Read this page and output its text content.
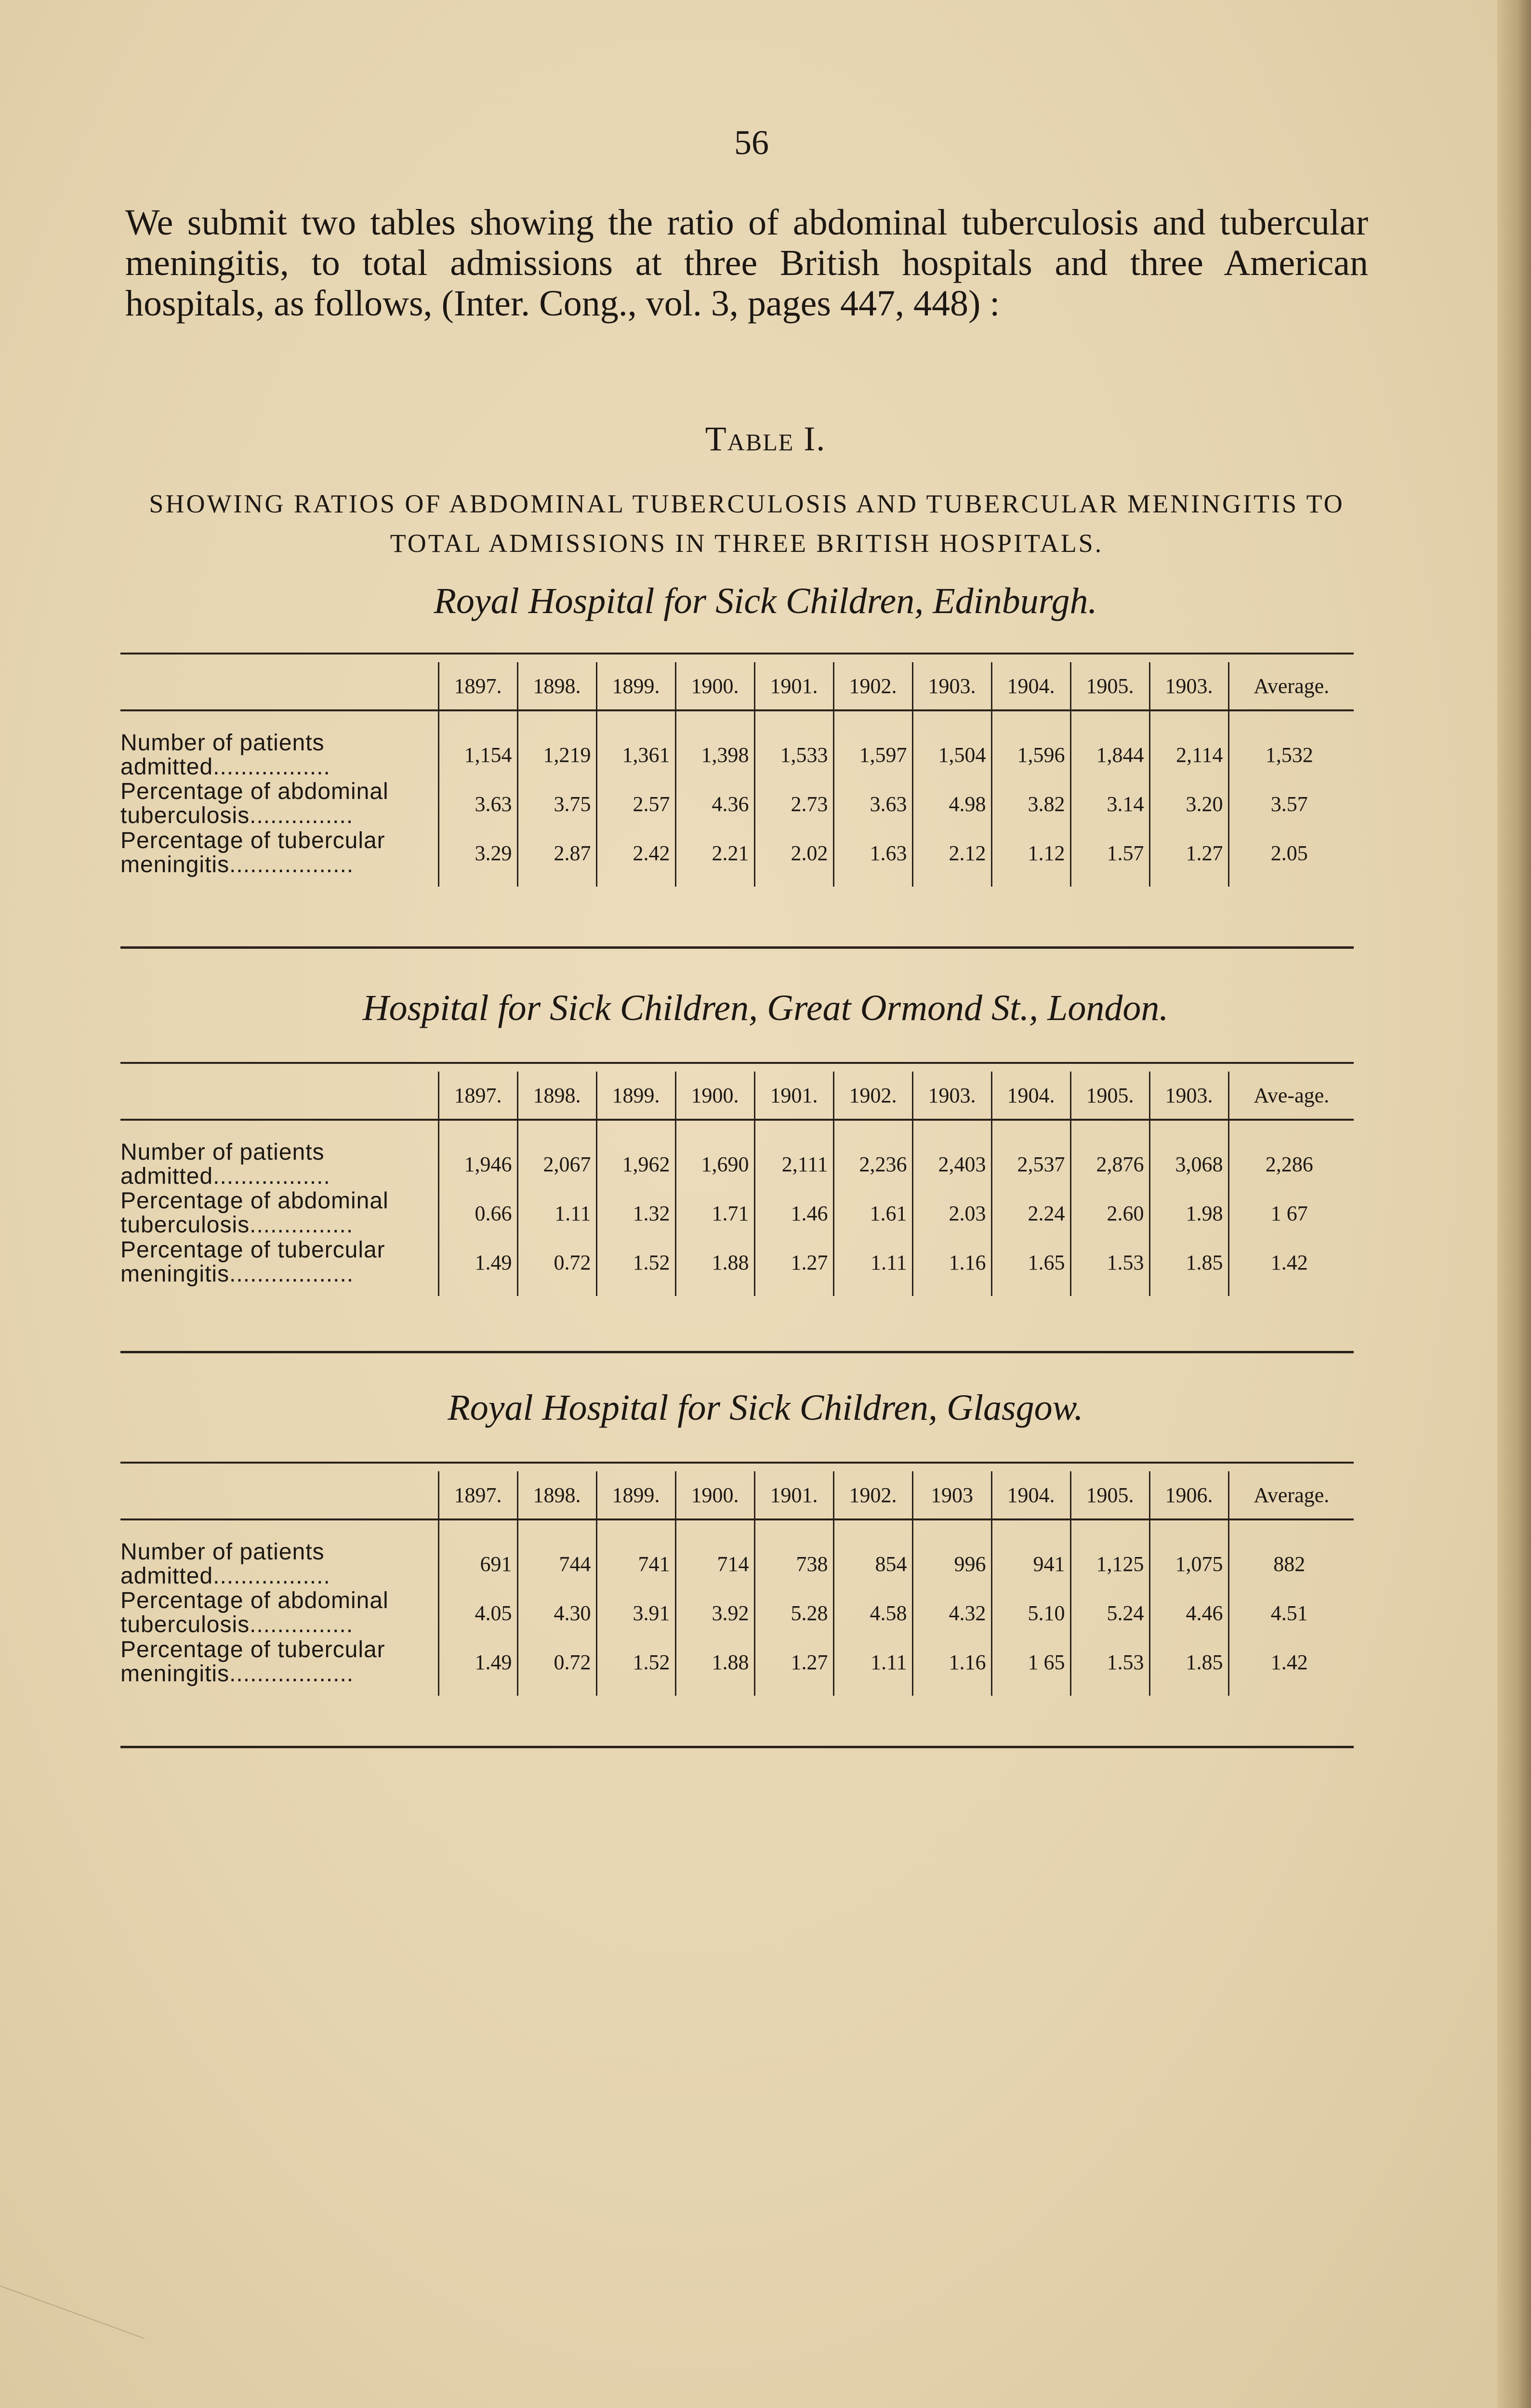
56
We submit two tables showing the ratio of abdominal tuberculosis and tubercular meningitis, to total admissions at three British hospitals and three American hospitals, as follows, (Inter. Cong., vol. 3, pages 447, 448) :
Table I.
SHOWING RATIOS OF ABDOMINAL TUBERCULOSIS AND TUBERCULAR MENINGITIS TO TOTAL ADMISSIONS IN THREE BRITISH HOSPITALS.
Royal Hospital for Sick Children, Edinburgh.
	1897.	1898.	1899.	1900.	1901.	1902.	1903.	1904.	1905.	1903.	Average.
Number of patients admitted.................	1,154	1,219	1,361	1,398	1,533	1,597	1,504	1,596	1,844	2,114	1,532
Percentage of abdominal tuberculosis...............	3.63	3.75	2.57	4.36	2.73	3.63	4.98	3.82	3.14	3.20	3.57
Percentage of tubercular meningitis..................	3.29	2.87	2.42	2.21	2.02	1.63	2.12	1.12	1.57	1.27	2.05
Hospital for Sick Children, Great Ormond St., London.
	1897.	1898.	1899.	1900.	1901.	1902.	1903.	1904.	1905.	1903.	Ave-age.
Number of patients admitted.................	1,946	2,067	1,962	1,690	2,111	2,236	2,403	2,537	2,876	3,068	2,286
Percentage of abdominal tuberculosis...............	0.66	1.11	1.32	1.71	1.46	1.61	2.03	2.24	2.60	1.98	1 67
Percentage of tubercular meningitis..................	1.49	0.72	1.52	1.88	1.27	1.11	1.16	1.65	1.53	1.85	1.42
Royal Hospital for Sick Children, Glasgow.
	1897.	1898.	1899.	1900.	1901.	1902.	1903	1904.	1905.	1906.	Average.
Number of patients admitted.................	691	744	741	714	738	854	996	941	1,125	1,075	882
Percentage of abdominal tuberculosis...............	4.05	4.30	3.91	3.92	5.28	4.58	4.32	5.10	5.24	4.46	4.51
Percentage of tubercular meningitis..................	1.49	0.72	1.52	1.88	1.27	1.11	1.16	1 65	1.53	1.85	1.42
